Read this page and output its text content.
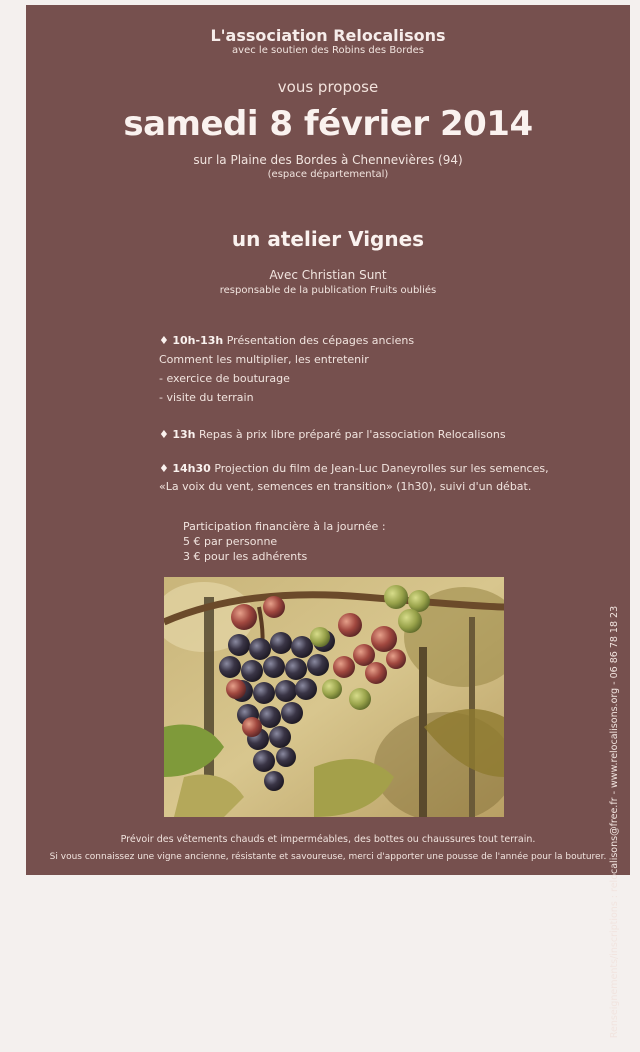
L'association Relocalisons
avec le soutien des Robins des Bordes
vous propose
samedi 8 février 2014
sur la Plaine des Bordes à Chennevières (94)
(espace départemental)
un atelier Vignes
Avec Christian Sunt
responsable de la publication Fruits oubliés
♦ 10h-13h Présentation des cépages anciens
Comment les multiplier, les entretenir
- exercice de bouturage
- visite du terrain
♦ 13h Repas à prix libre préparé par l'association Relocalisons
♦ 14h30 Projection du film de Jean-Luc Daneyrolles sur les semences,
«La voix du vent, semences en transition» (1h30), suivi d'un débat.
Participation financière à la journée :
5 € par personne
3 € pour les adhérents
Prévoir des vêtements chauds et imperméables, des bottes ou chaussures tout terrain.
Si vous connaissez une vigne ancienne, résistante et savoureuse, merci d'apporter une pousse de l'année pour la bouturer. Renseignements/inscriptions : relocalisons@free.fr - www.relocalisons.org - 06 86 78 18 23
